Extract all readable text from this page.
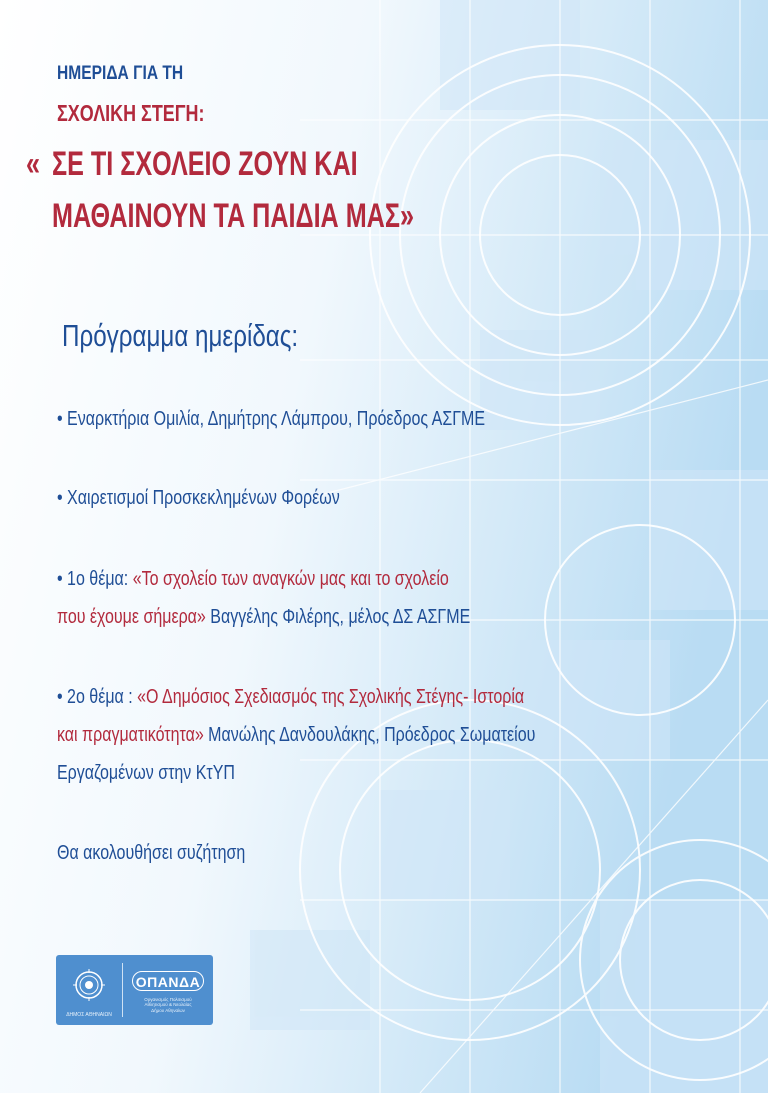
ΗΜΕΡΙΔΑ ΓΙΑ ΤΗ
ΣΧΟΛΙΚΗ ΣΤΕΓΗ:
« ΣΕ ΤΙ ΣΧΟΛΕΙΟ ΖΟΥΝ ΚΑΙ
ΜΑΘΑΙΝΟΥΝ ΤΑ ΠΑΙΔΙΑ ΜΑΣ»
Πρόγραμμα ημερίδας:
• Εναρκτήρια Ομιλία, Δημήτρης Λάμπρου, Πρόεδρος ΑΣΓΜΕ
• Χαιρετισμοί Προσκεκλημένων Φορέων
• 1ο θέμα: «Το σχολείο των αναγκών μας και το σχολείο
που έχουμε σήμερα» Βαγγέλης Φιλέρης, μέλος ΔΣ ΑΣΓΜΕ
• 2ο θέμα : «Ο Δημόσιος Σχεδιασμός της Σχολικής Στέγης- Ιστορία
και πραγματικότητα» Μανώλης Δανδουλάκης, Πρόεδρος Σωματείου
Εργαζομένων στην ΚτΥΠ
Θα ακολουθήσει συζήτηση
ΔΗΜΟΣ ΑΘΗΝΑΙΩΝ
ΟΠΑΝΔΑ
Οργανισμός Πολιτισμού
Αθλητισμού & Νεολαίας
Δήμου Αθηναίων
